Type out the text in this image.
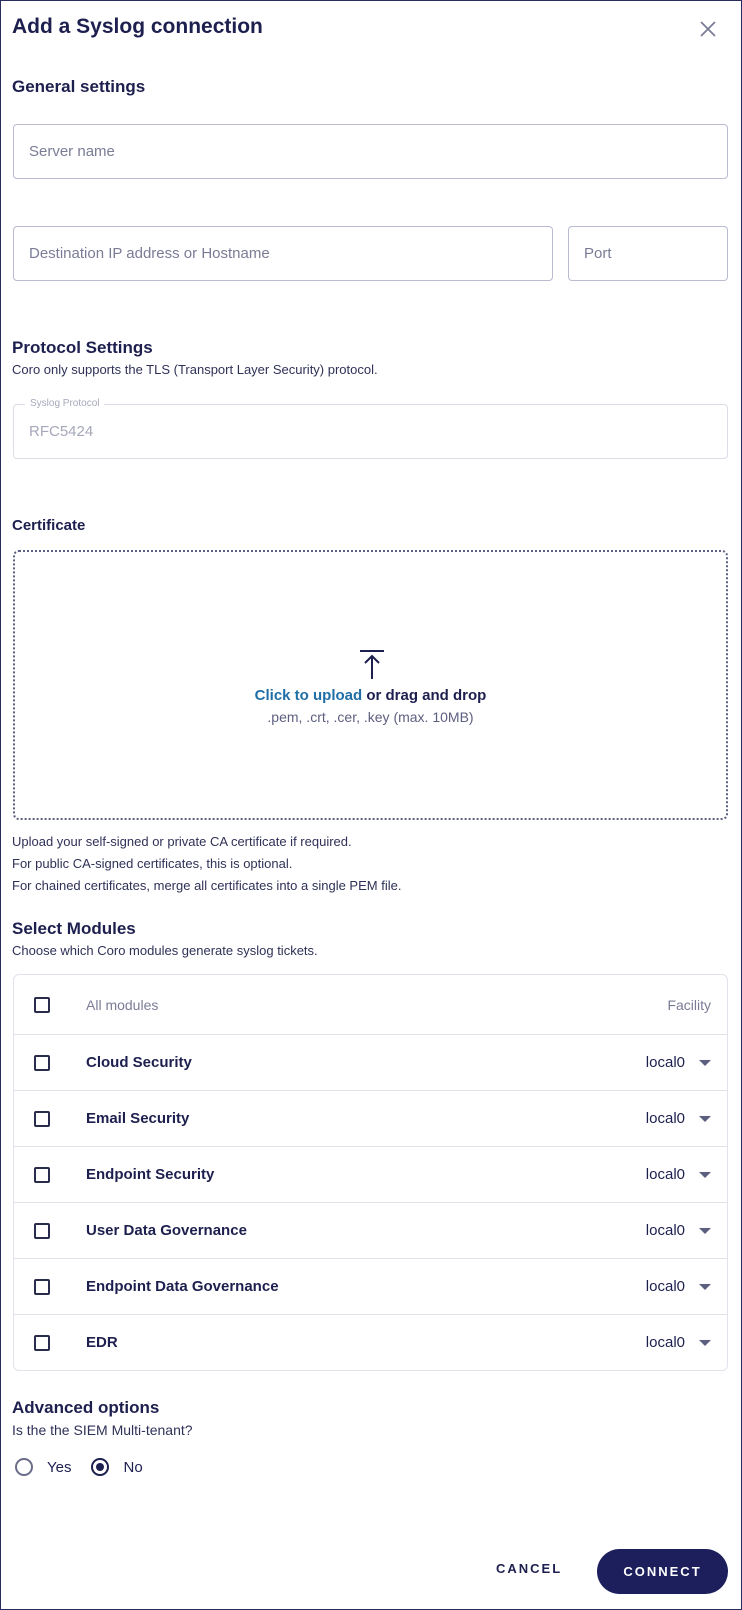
Add a Syslog connection
General settings
Server name
Destination IP address or Hostname	Port
Protocol Settings
Coro only supports the TLS (Transport Layer Security) protocol.
Syslog Protocol
RFC5424
Certificate
Click to upload or drag and drop
.pem, .crt, .cer, .key (max. 10MB)
Upload your self-signed or private CA certificate if required.
For public CA-signed certificates, this is optional.
For chained certificates, merge all certificates into a single PEM file.
Select Modules
Choose which Coro modules generate syslog tickets.
All modules	Facility
Cloud Security	local0
Email Security	local0
Endpoint Security	local0
User Data Governance	local0
Endpoint Data Governance	local0
EDR	local0
Advanced options
Is the the SIEM Multi-tenant?
Yes	No
CANCEL	CONNECT
